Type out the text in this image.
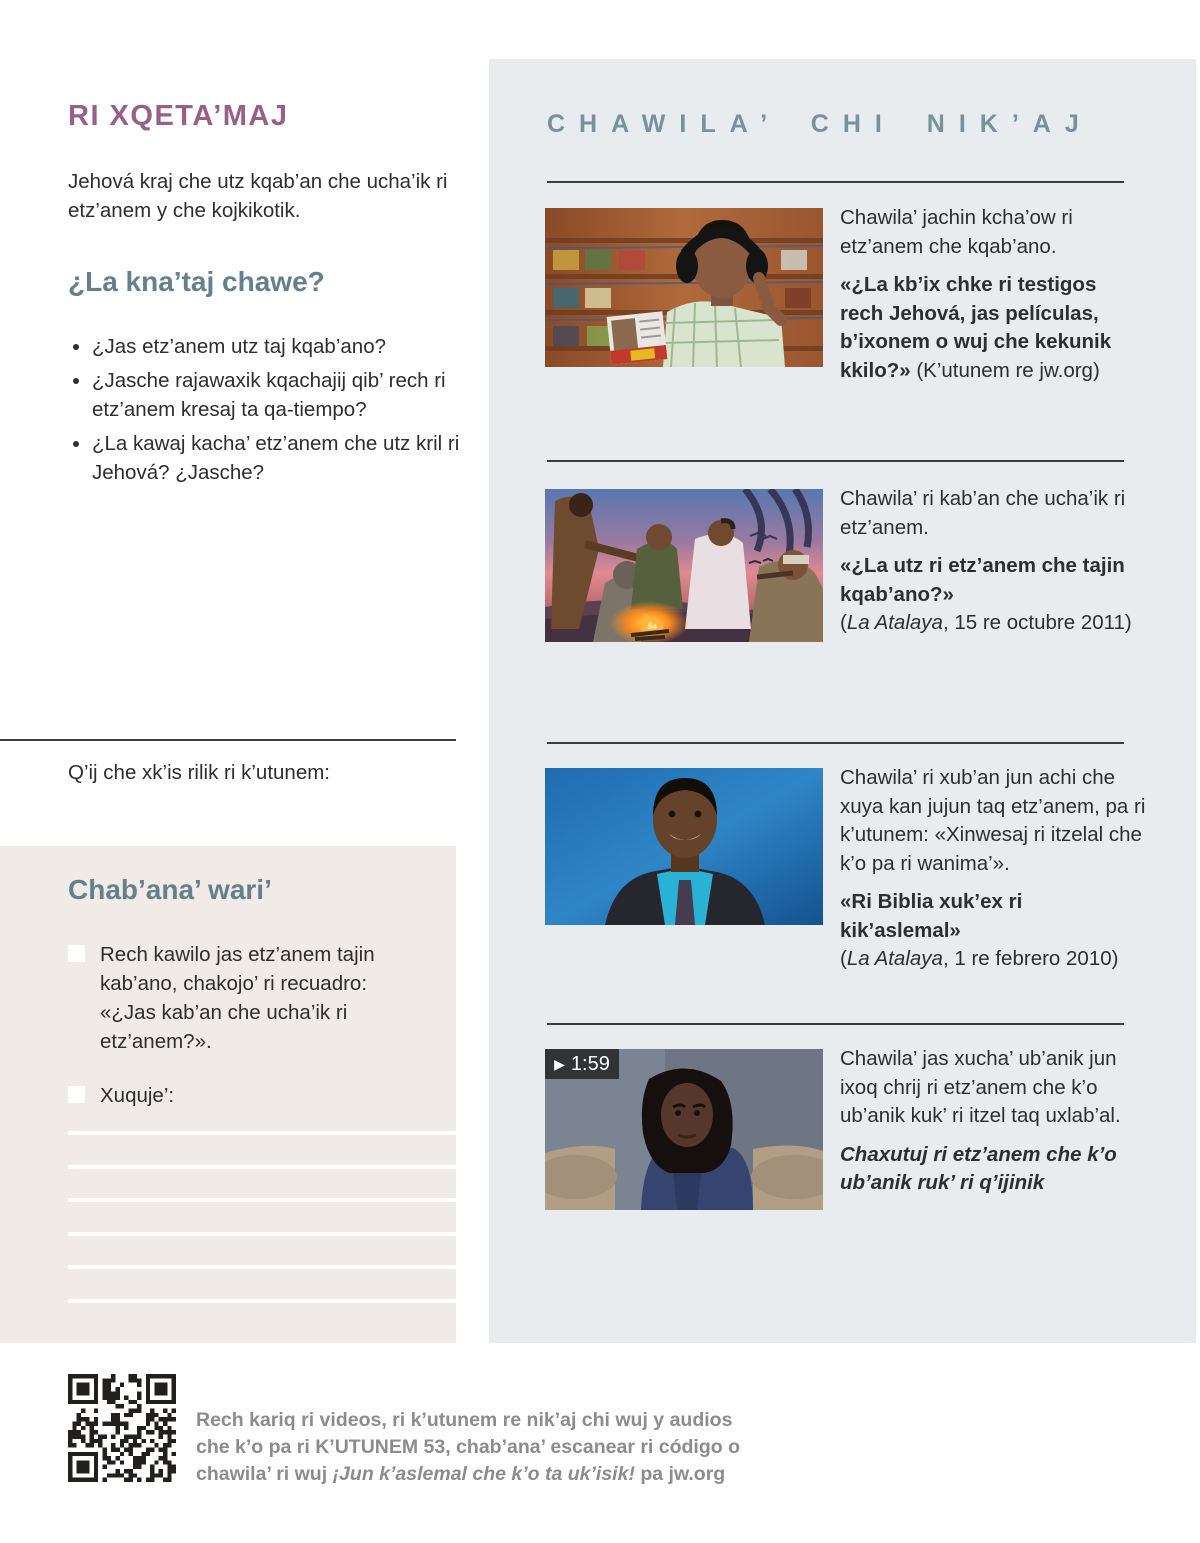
CHAWILA’ CHI NIK’AJ

Chawila’ jachin kcha’ow ri etz’anem che kqab’ano.

«¿La kb’ix chke ri testigos rech Jehová, jas películas, b’ixonem o wuj che kekunik kkilo?» (K’utunem re jw.org)

Chawila’ ri kab’an che ucha’ik ri etz’anem.

«¿La utz ri etz’anem che tajin kqab’ano?»

(La Atalaya, 15 re octubre 2011)

Chawila’ ri xub’an jun achi che xuya kan jujun taq etz’anem, pa ri k’utunem: «Xinwesaj ri itzelal che k’o pa ri wanima’».

«Ri Biblia xuk’ex ri kik’aslemal»

(La Atalaya, 1 re febrero 2010)

▶ 1:59	Chawila’ jas xucha’ ub’anik jun ixoq chrij ri etz’anem che k’o ub’anik kuk’ ri itzel taq uxlab’al.

Chaxutuj ri etz’anem che k’o ub’anik ruk’ ri q’ijinik

RI XQETA’MAJ
Jehová kraj che utz kqab’an che ucha’ik ri etz’anem y che kojkikotik.
¿La kna’taj chawe?
• ¿Jas etz’anem utz taj kqab’ano?
• ¿Jasche rajawaxik kqachajij qib’ rech ri etz’anem kresaj ta qa-tiempo?
• ¿La kawaj kacha’ etz’anem che utz kril ri Jehová? ¿Jasche?
Q’ij che xk’is rilik ri k’utunem:
Chab’ana’ wari’
Rech kawilo jas etz’anem tajin kab’ano, chakojo’ ri recuadro: «¿Jas kab’an che ucha’ik ri etz’anem?».
Xuquje’:
Rech kariq ri videos, ri k’utunem re nik’aj chi wuj y audios
che k’o pa ri K’UTUNEM 53, chab’ana’ escanear ri código o
chawila’ ri wuj ¡Jun k’aslemal che k’o ta uk’isik! pa jw.org
